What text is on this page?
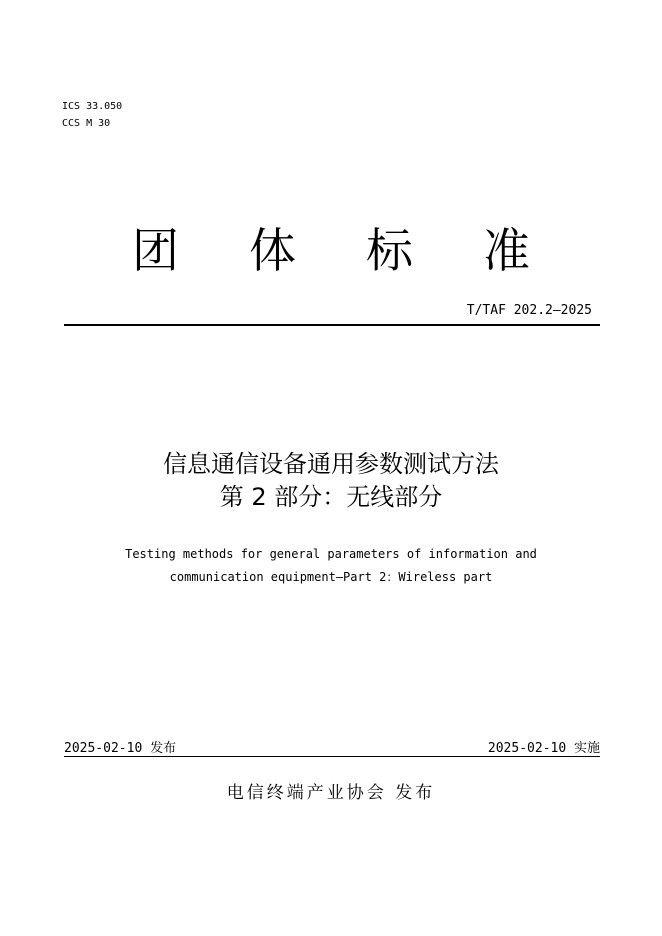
ICS 33.050
CCS M 30
团	体	标	准
T/TAF 202.2—2025
信息通信设备通用参数测试方法
第 2 部分：无线部分
Testing methods for general parameters of information and
communication equipment—Part 2：Wireless part
2025-02-10 发布	2025-02-10 实施
电信终端产业协会 发布
